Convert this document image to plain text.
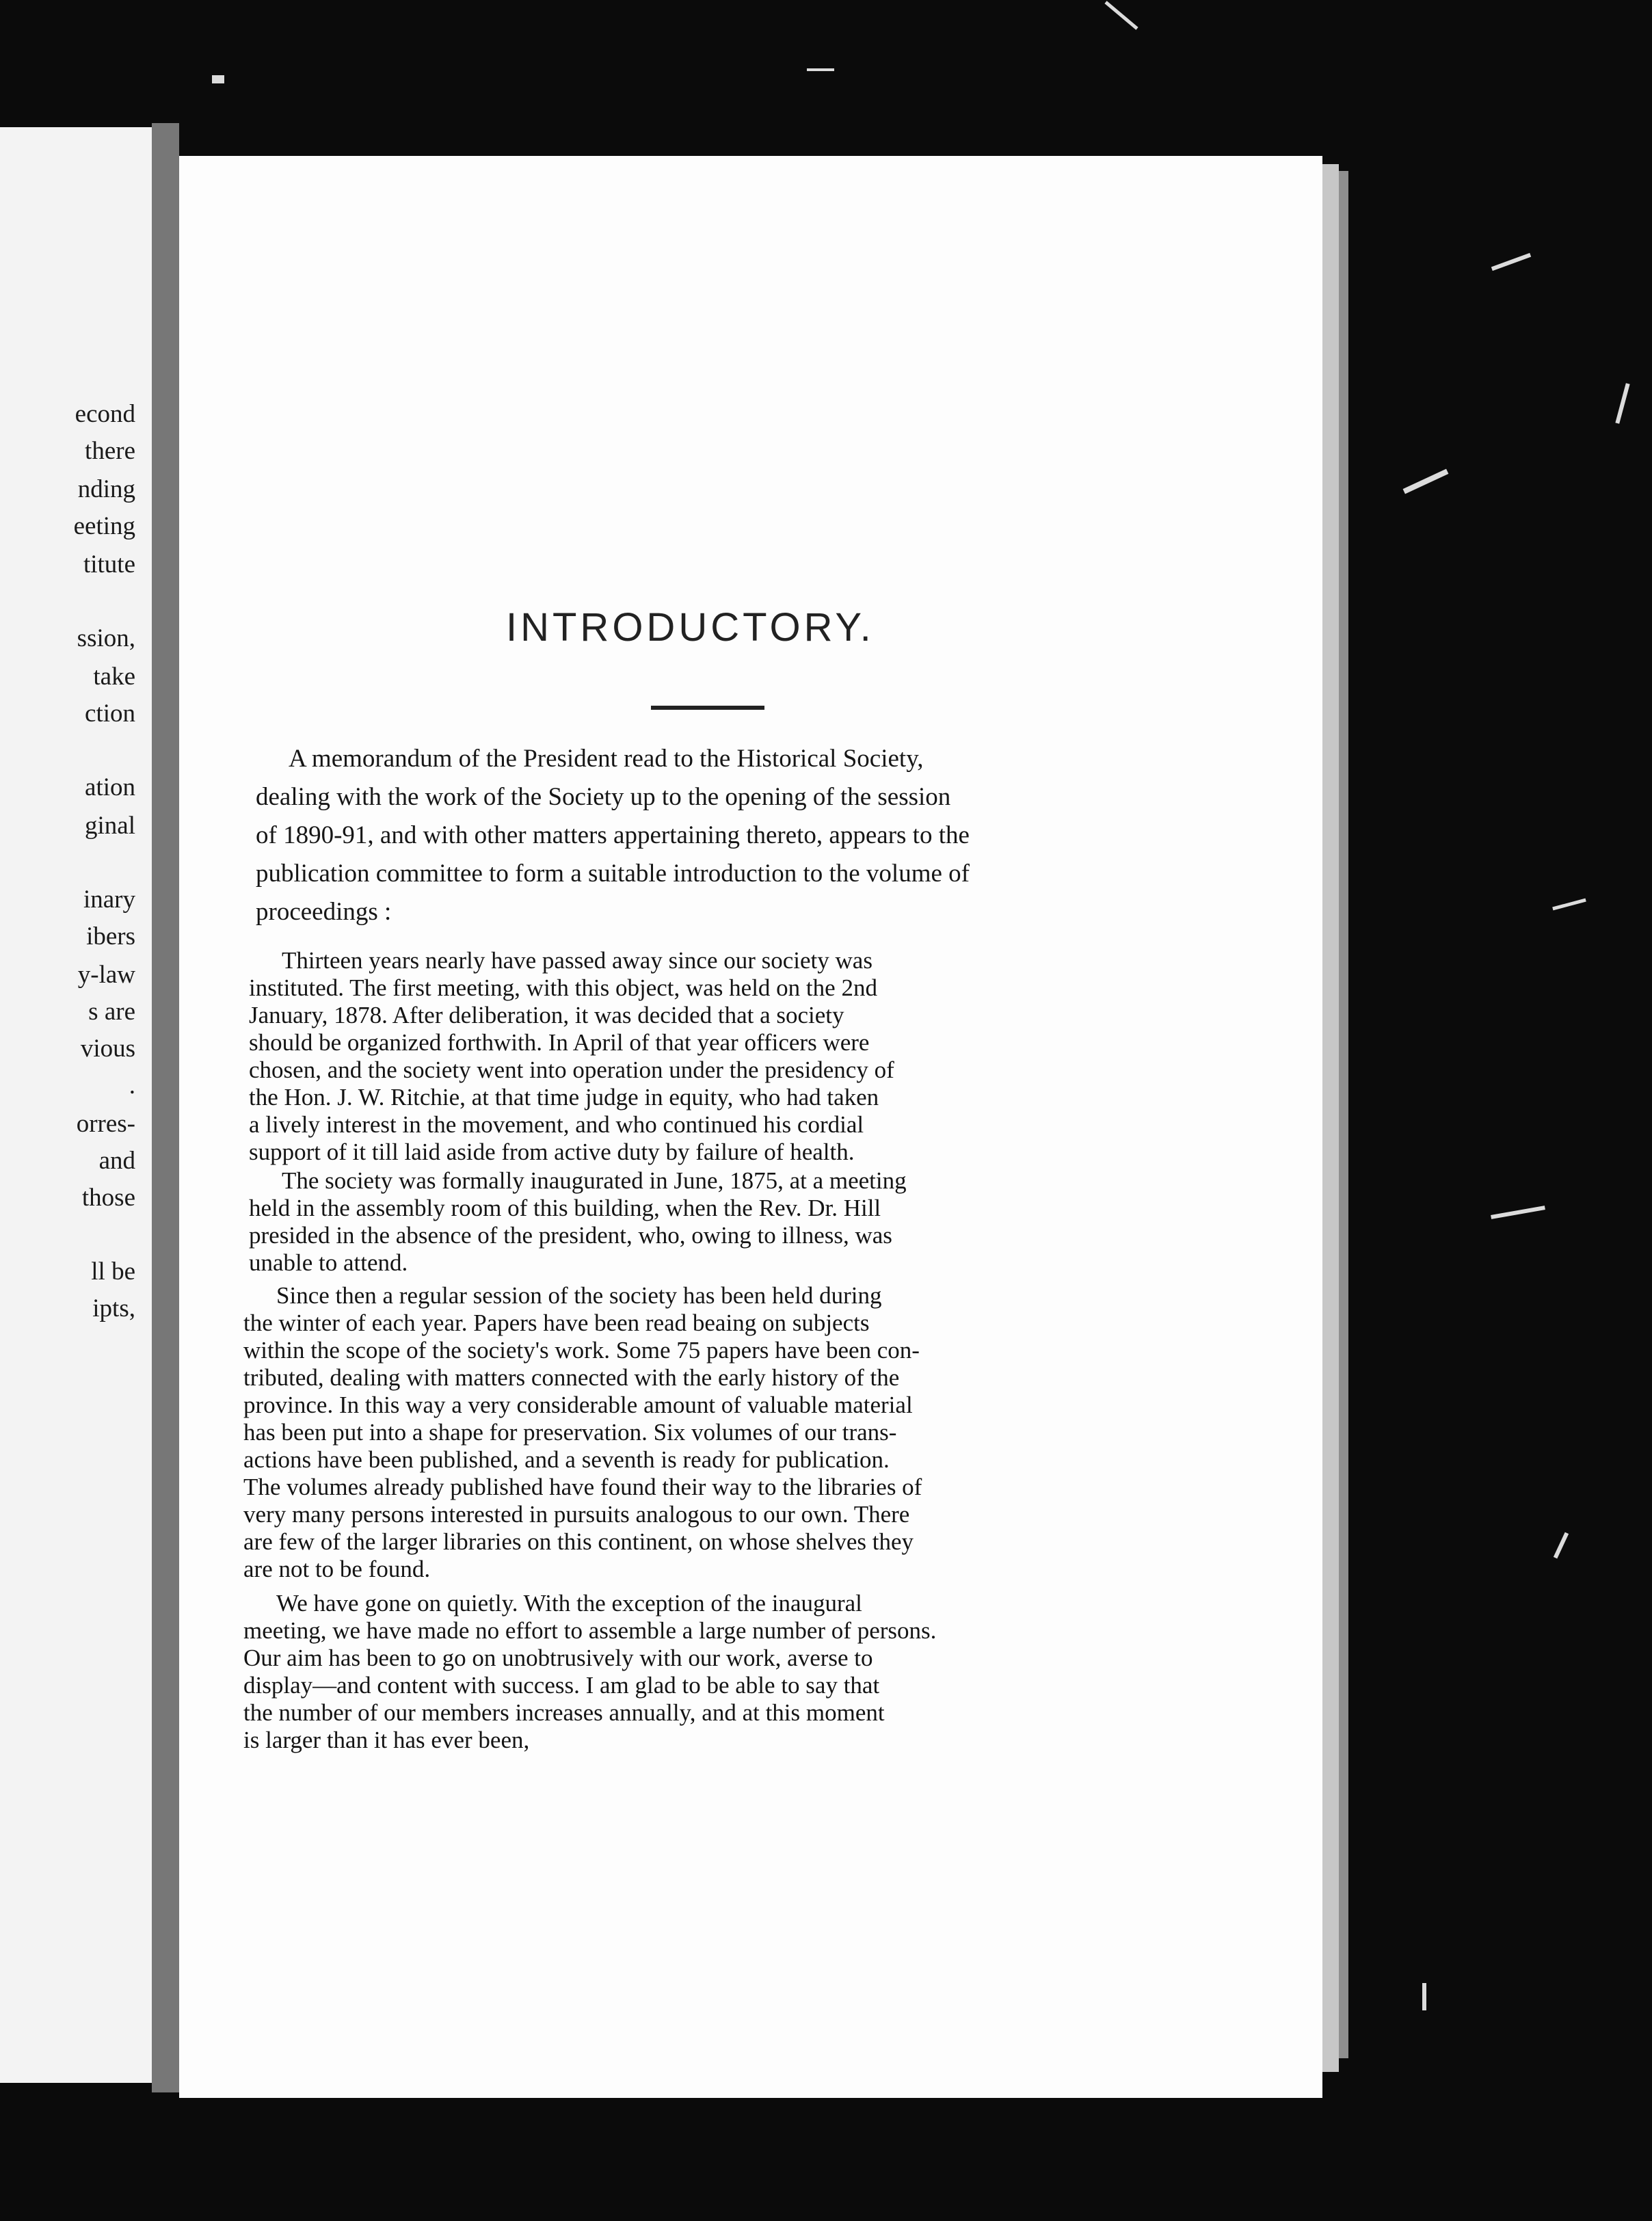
econd
there
nding
eeting
titute
ssion,
take
ction
ation
ginal
inary
ibers
y-law
s are
vious
.
orres-
and
those
ll be
ipts,
INTRODUCTORY.
A memorandum of the President read to the Historical Society,
dealing with the work of the Society up to the opening of the session
of 1890-91, and with other matters appertaining thereto, appears to the
publication committee to form a suitable introduction to the volume of
proceedings :
Thirteen years nearly have passed away since our society was
instituted. The first meeting, with this object, was held on the 2nd
January, 1878. After deliberation, it was decided that a society
should be organized forthwith. In April of that year officers were
chosen, and the society went into operation under the presidency of
the Hon. J. W. Ritchie, at that time judge in equity, who had taken
a lively interest in the movement, and who continued his cordial
support of it till laid aside from active duty by failure of health.
The society was formally inaugurated in June, 1875, at a meeting
held in the assembly room of this building, when the Rev. Dr. Hill
presided in the absence of the president, who, owing to illness, was
unable to attend.
Since then a regular session of the society has been held during
the winter of each year. Papers have been read beaing on subjects
within the scope of the society's work. Some 75 papers have been con-
tributed, dealing with matters connected with the early history of the
province. In this way a very considerable amount of valuable material
has been put into a shape for preservation. Six volumes of our trans-
actions have been published, and a seventh is ready for publication.
The volumes already published have found their way to the libraries of
very many persons interested in pursuits analogous to our own. There
are few of the larger libraries on this continent, on whose shelves they
are not to be found.
We have gone on quietly. With the exception of the inaugural
meeting, we have made no effort to assemble a large number of persons.
Our aim has been to go on unobtrusively with our work, averse to
display—and content with success. I am glad to be able to say that
the number of our members increases annually, and at this moment
is larger than it has ever been,
